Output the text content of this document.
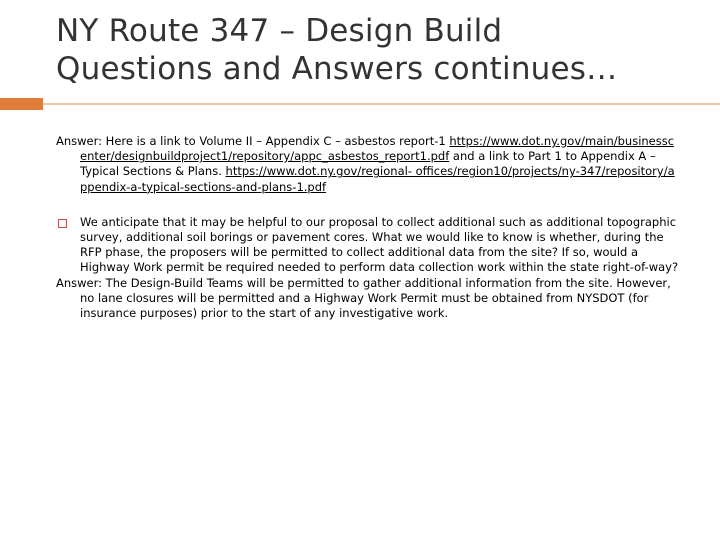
NY Route 347 – Design Build
Questions and Answers continues…

Answer: Here is a link to Volume II – Appendix C – asbestos report-1 https://www.dot.ny.gov/main/businesscenter/designbuildproject1/repository/appc_asbestos_report1.pdf and a link to Part 1 to Appendix A – Typical Sections & Plans. https://www.dot.ny.gov/regional- offices/region10/projects/ny-347/repository/appendix-a-typical-sections-and-plans-1.pdf

We anticipate that it may be helpful to our proposal to collect additional such as additional topographic survey, additional soil borings or pavement cores. What we would like to know is whether, during the RFP phase, the proposers will be permitted to collect additional data from the site? If so, would a Highway Work permit be required needed to perform data collection work within the state right-of-way?

Answer: The Design-Build Teams will be permitted to gather additional information from the site. However, no lane closures will be permitted and a Highway Work Permit must be obtained from NYSDOT (for insurance purposes) prior to the start of any investigative work.
